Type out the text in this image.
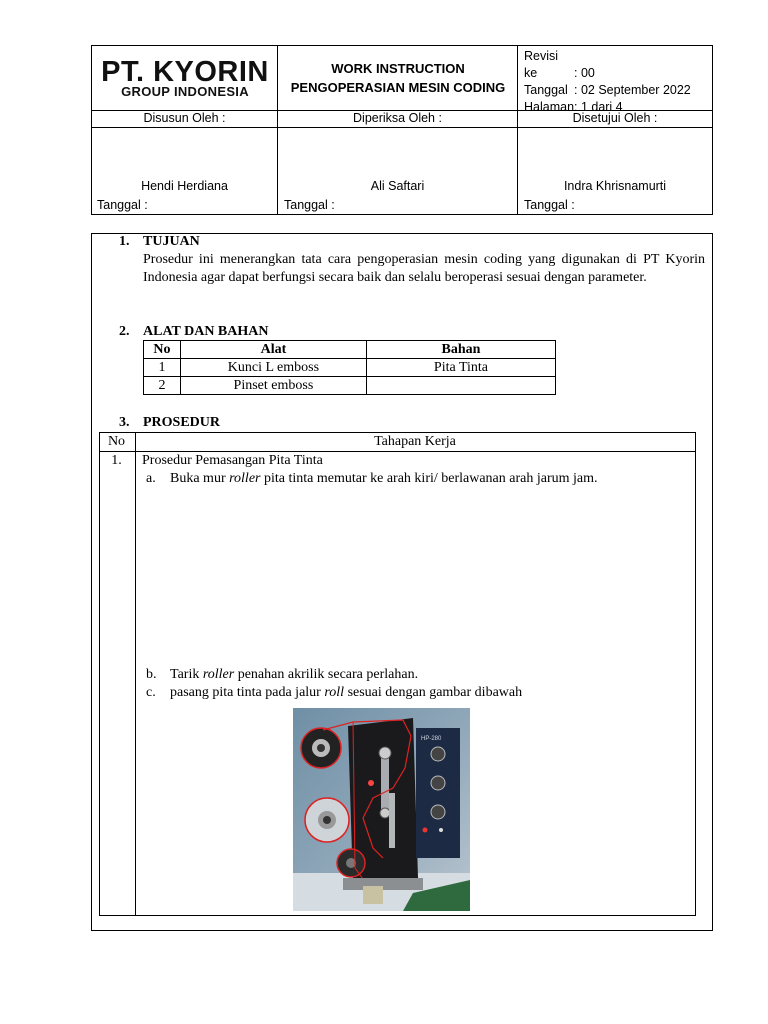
PT. KYORIN
GROUP INDONESIA
WORK INSTRUCTION
PENGOPERASIAN MESIN CODING
Revisi ke	: 00
Tanggal : 02 September 2022
Halaman: 1 dari 4
Disusun Oleh :	Diperiksa Oleh :	Disetujui Oleh :
Hendi Herdiana	Ali Saftari	Indra Khrisnamurti
Tanggal :	Tanggal :	Tanggal :
1. TUJUAN
Prosedur ini menerangkan tata cara pengoperasian mesin coding yang digunakan di PT Kyorin Indonesia agar dapat berfungsi secara baik dan selalu beroperasi sesuai dengan parameter.
2. ALAT DAN BAHAN
No	Alat	Bahan
1	Kunci L emboss	Pita Tinta
2	Pinset emboss	
3. PROSEDUR
No	Tahapan Kerja
1.	Prosedur Pemasangan Pita Tinta
a. Buka mur roller pita tinta memutar ke arah kiri/ berlawanan arah jarum jam.
b. Tarik roller penahan akrilik secara perlahan.
c. pasang pita tinta pada jalur roll sesuai dengan gambar dibawah
HP-280
